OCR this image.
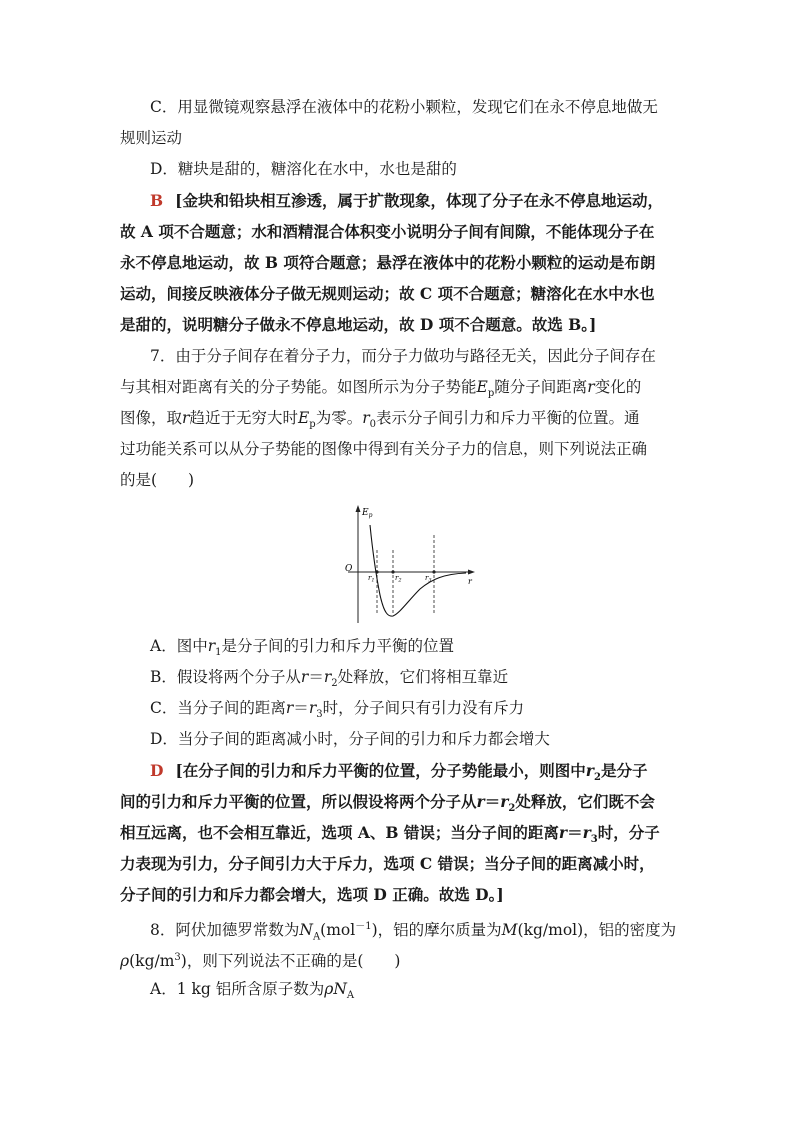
C．用显微镜观察悬浮在液体中的花粉小颗粒，发现它们在永不停息地做无
规则运动
D．糖块是甜的，糖溶化在水中，水也是甜的
B [金块和铅块相互渗透，属于扩散现象，体现了分子在永不停息地运动，
故 A 项不合题意；水和酒精混合体积变小说明分子间有间隙，不能体现分子在
永不停息地运动，故 B 项符合题意；悬浮在液体中的花粉小颗粒的运动是布朗
运动，间接反映液体分子做无规则运动；故 C 项不合题意；糖溶化在水中水也
是甜的，说明糖分子做永不停息地运动，故 D 项不合题意。故选 B。]
7．由于分子间存在着分子力，而分子力做功与路径无关，因此分子间存在
与其相对距离有关的分子势能。如图所示为分子势能$E_p$随分子间距离r变化的
图像，取r趋近于无穷大时$E_p$为零。$r_0$表示分子间引力和斥力平衡的位置。通
过功能关系可以从分子势能的图像中得到有关分子力的信息，则下列说法正确
的是(　　)
$E_p$
O
r
$r_1$	$r_2$	$r_3$
A．图中$r_1$是分子间的引力和斥力平衡的位置
B．假设将两个分子从$r=r_2$处释放，它们将相互靠近
C．当分子间的距离$r=r_3$时，分子间只有引力没有斥力
D．当分子间的距离减小时，分子间的引力和斥力都会增大
D [在分子间的引力和斥力平衡的位置，分子势能最小，则图中$r_2$是分子
间的引力和斥力平衡的位置，所以假设将两个分子从$r=r_2$处释放，它们既不会
相互远离，也不会相互靠近，选项 A、B 错误；当分子间的距离$r=r_3$时，分子
力表现为引力，分子间引力大于斥力，选项 C 错误；当分子间的距离减小时，
分子间的引力和斥力都会增大，选项 D 正确。故选 D。]
8．阿伏加德罗常数为$N_A(mol^{-1})$，铝的摩尔质量为M(kg/mol)，铝的密度为
$\rho(kg/m^3)$，则下列说法不正确的是(　　)
A．1 kg 铝所含原子数为$\rho N_A$
